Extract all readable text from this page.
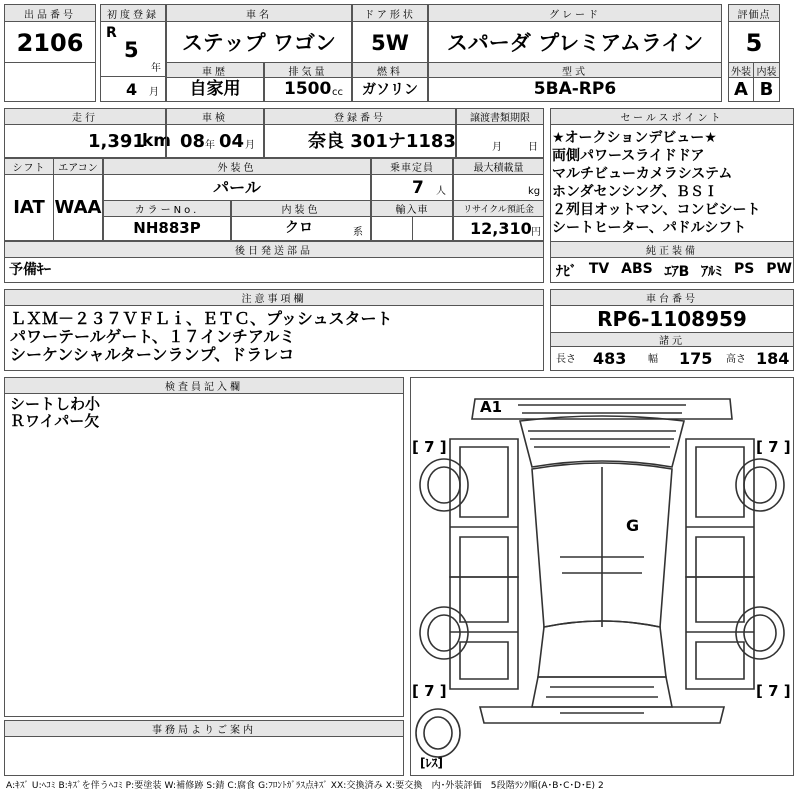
出品番号
2106
初度登録
R
5
年
4 月
車名
ステップ ワゴン
ドア形状
5W
グレード
スパーダ プレミアムライン
評価点
5
車歴
自家用
排気量
1500 cc
燃料
ガソリン
型式
5BA-RP6
外装 内装
A B
走行
1,391
km
車検
08 年 04 月
登録番号
奈良 301ナ1183
譲渡書類期限
月	日
シフト	エアコン
IAT WAA
外装色
パール
乗車定員
7 人
最大積載量
kg
カラーNo.
NH883P
内装色
クロ	系
輸入車	リサイクル預託金
12,310 円
後日発送部品
予備ｷｰ
セールスポイント
★オークションデビュー★
両側パワースライドドア
マルチビューカメラシステム
ホンダセンシング、ＢＳＩ
２列目オットマン、コンビシート
シートヒーター、パドルシフト
純正装備
ﾅﾋﾞ TV ABS ｴｱB ｱﾙﾐ PS PW
注意事項欄
ＬＸＭ－２３７ＶＦＬｉ、ＥＴＣ、プッシュスタート
パワーテールゲート、１７インチアルミ
シーケンシャルターンランプ、ドラレコ
車台番号
RP6-1108959
諸元
長さ 483 幅 175 高さ 184
検査員記入欄
シートしわ小
Ｒワイパー欠
事務局よりご案内
A1
G
[ 7 ]	[ 7 ]
[ 7 ]	[ 7 ]
[ﾚｽ]
A:ｷｽﾞ U:ﾍｺﾐ B:ｷｽﾞを伴うﾍｺﾐ P:要塗装 W:補修跡 S:錆 C:腐食 G:ﾌﾛﾝﾄｶﾞﾗｽ点ｷｽﾞ XX:交換済み X:要交換　内･外装評価　5段階ﾗﾝｸ順(A･B･C･D･E) 2
